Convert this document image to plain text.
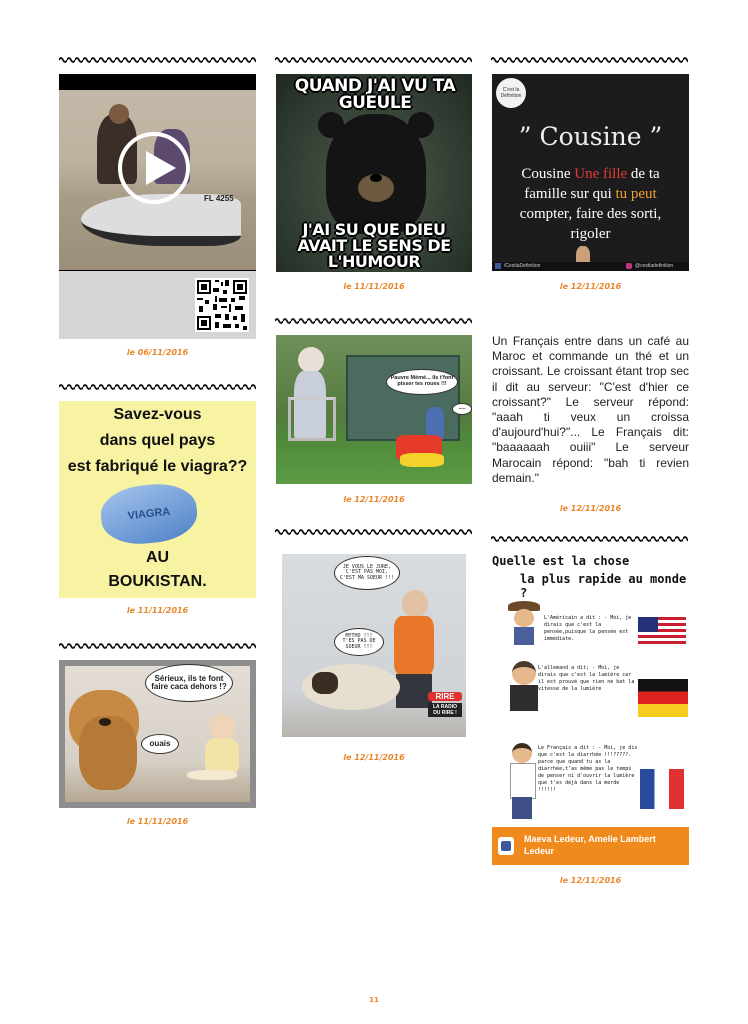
FL 4255
le 06/11/2016
QUAND J'AI VU TA GUEULE
J'AI SU QUE DIEU AVAIT LE SENS DE L'HUMOUR
le 11/11/2016
C'est la Définition
” Cousine ”
Cousine Une fille de ta famille sur qui tu peut compter, faire des sorti, rigoler
/CestlaDefinition	@cestladefinition
le 12/11/2016
Savez-vous
dans quel pays
est fabriqué le viagra??
VIAGRA
AU
BOUKISTAN.
le 11/11/2016
Pauvre Mémé... ils t'font pisser tes roues !!!
.....
le 12/11/2016
Un Français entre dans un café au Maroc et commande un thé et un croissant. Le croissant étant trop sec il dit au serveur: "C'est d'hier ce croissant?" Le serveur répond: "aaah ti veux un croissa d'aujourd'hui?"... Le Français dit: "baaaaaah ouiii" Le serveur Marocain répond: "bah ti revien demain."
le 12/11/2016
JE VOUS LE JURE, C'EST PAS MOI, C'EST MA SOEUR !!!
MYTHO !!! T'ES PAS DE SOEUR !!!
RIRE
LA RADIO DU RIRE !
le 12/11/2016
Sérieux, ils te font faire caca dehors !?
ouais
le 11/11/2016
Quelle est la chose
la plus rapide au monde ?
L'Américain a dit : - Moi, je dirais que c'est la pensée,puisque la pensée est immédiate.
L'allemand a dit; - Moi, je dirais que c'est la lumière car il est prouvé que rien ne bat la vitesse de la lumière
Le Français a dit : - Moi, je dis que c'est la diarrhée !!!?????. parce que quand tu as la diarrhée,t'as même pas le temps de penser ni d'ouvrir la lumière que t'es déjà dans la merde !!!!!!
Maeva Ledeur, Amelie Lambert Ledeur
le 12/11/2016
11
